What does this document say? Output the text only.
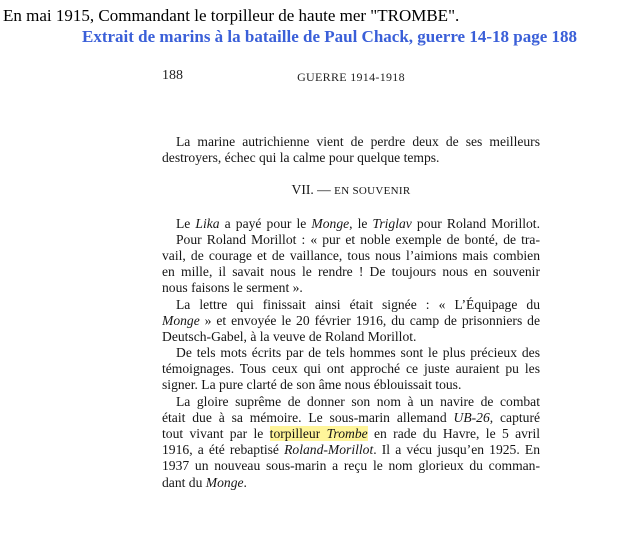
En mai 1915, Commandant le torpilleur de haute mer "TROMBE".
Extrait de marins à la bataille de Paul Chack, guerre 14-18 page 188
188	GUERRE 1914-1918
La marine autrichienne vient de perdre deux de ses meilleurs
destroyers, échec qui la calme pour quelque temps.
VII. — EN SOUVENIR
Le Lika a payé pour le Monge, le Triglav pour Roland Morillot.
Pour Roland Morillot : « pur et noble exemple de bonté, de tra-
vail, de courage et de vaillance, tous nous l’aimions mais combien
en mille, il savait nous le rendre ! De toujours nous en souvenir
nous faisons le serment ».
La lettre qui finissait ainsi était signée : « L’Équipage du
Monge » et envoyée le 20 février 1916, du camp de prisonniers de
Deutsch-Gabel, à la veuve de Roland Morillot.
De tels mots écrits par de tels hommes sont le plus précieux des
témoignages. Tous ceux qui ont approché ce juste auraient pu les
signer. La pure clarté de son âme nous éblouissait tous.
La gloire suprême de donner son nom à un navire de combat
était due à sa mémoire. Le sous-marin allemand UB-26, capturé
tout vivant par le torpilleur Trombe en rade du Havre, le 5 avril
1916, a été rebaptisé Roland-Morillot. Il a vécu jusqu’en 1925. En
1937 un nouveau sous-marin a reçu le nom glorieux du comman-
dant du Monge.
